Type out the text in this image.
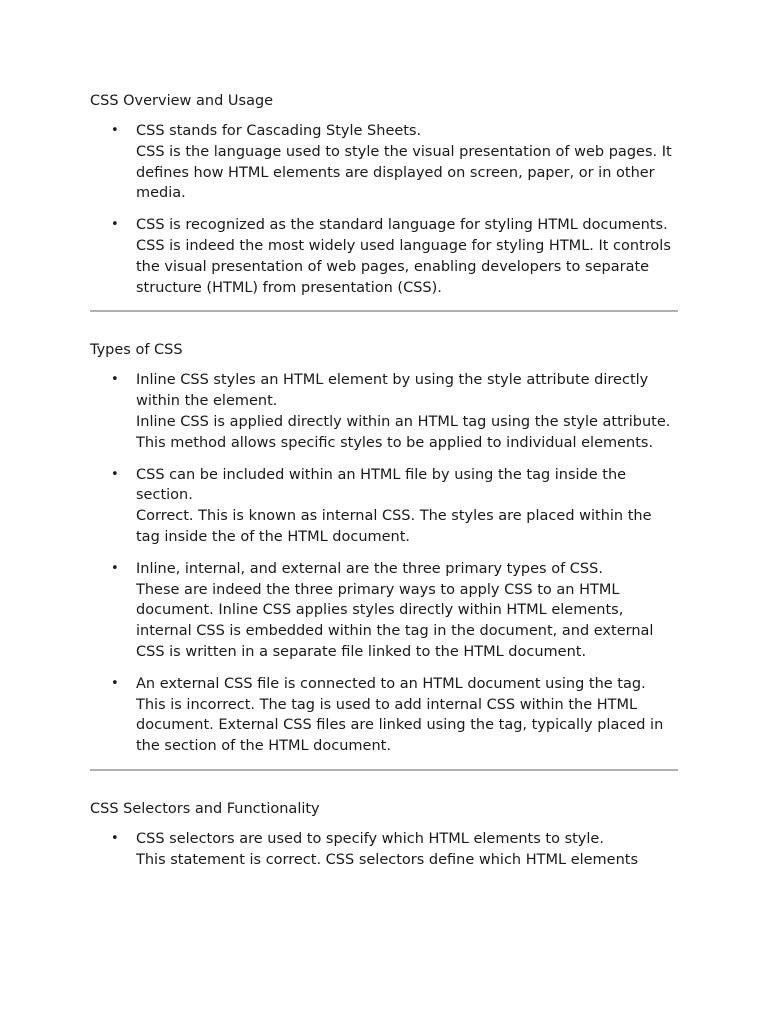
CSS Overview and Usage
• CSS stands for Cascading Style Sheets.
CSS is the language used to style the visual presentation of web pages. It defines how HTML elements are displayed on screen, paper, or in other media.
• CSS is recognized as the standard language for styling HTML documents.
CSS is indeed the most widely used language for styling HTML. It controls the visual presentation of web pages, enabling developers to separate structure (HTML) from presentation (CSS).
Types of CSS
• Inline CSS styles an HTML element by using the style attribute directly within the element.
Inline CSS is applied directly within an HTML tag using the style attribute. This method allows specific styles to be applied to individual elements.
• CSS can be included within an HTML file by using the tag inside the section.
Correct. This is known as internal CSS. The styles are placed within the tag inside the of the HTML document.
• Inline, internal, and external are the three primary types of CSS.
These are indeed the three primary ways to apply CSS to an HTML document. Inline CSS applies styles directly within HTML elements, internal CSS is embedded within the tag in the document, and external CSS is written in a separate file linked to the HTML document.
• An external CSS file is connected to an HTML document using the tag.
This is incorrect. The tag is used to add internal CSS within the HTML document. External CSS files are linked using the tag, typically placed in the section of the HTML document.
CSS Selectors and Functionality
• CSS selectors are used to specify which HTML elements to style.
This statement is correct. CSS selectors define which HTML elements
